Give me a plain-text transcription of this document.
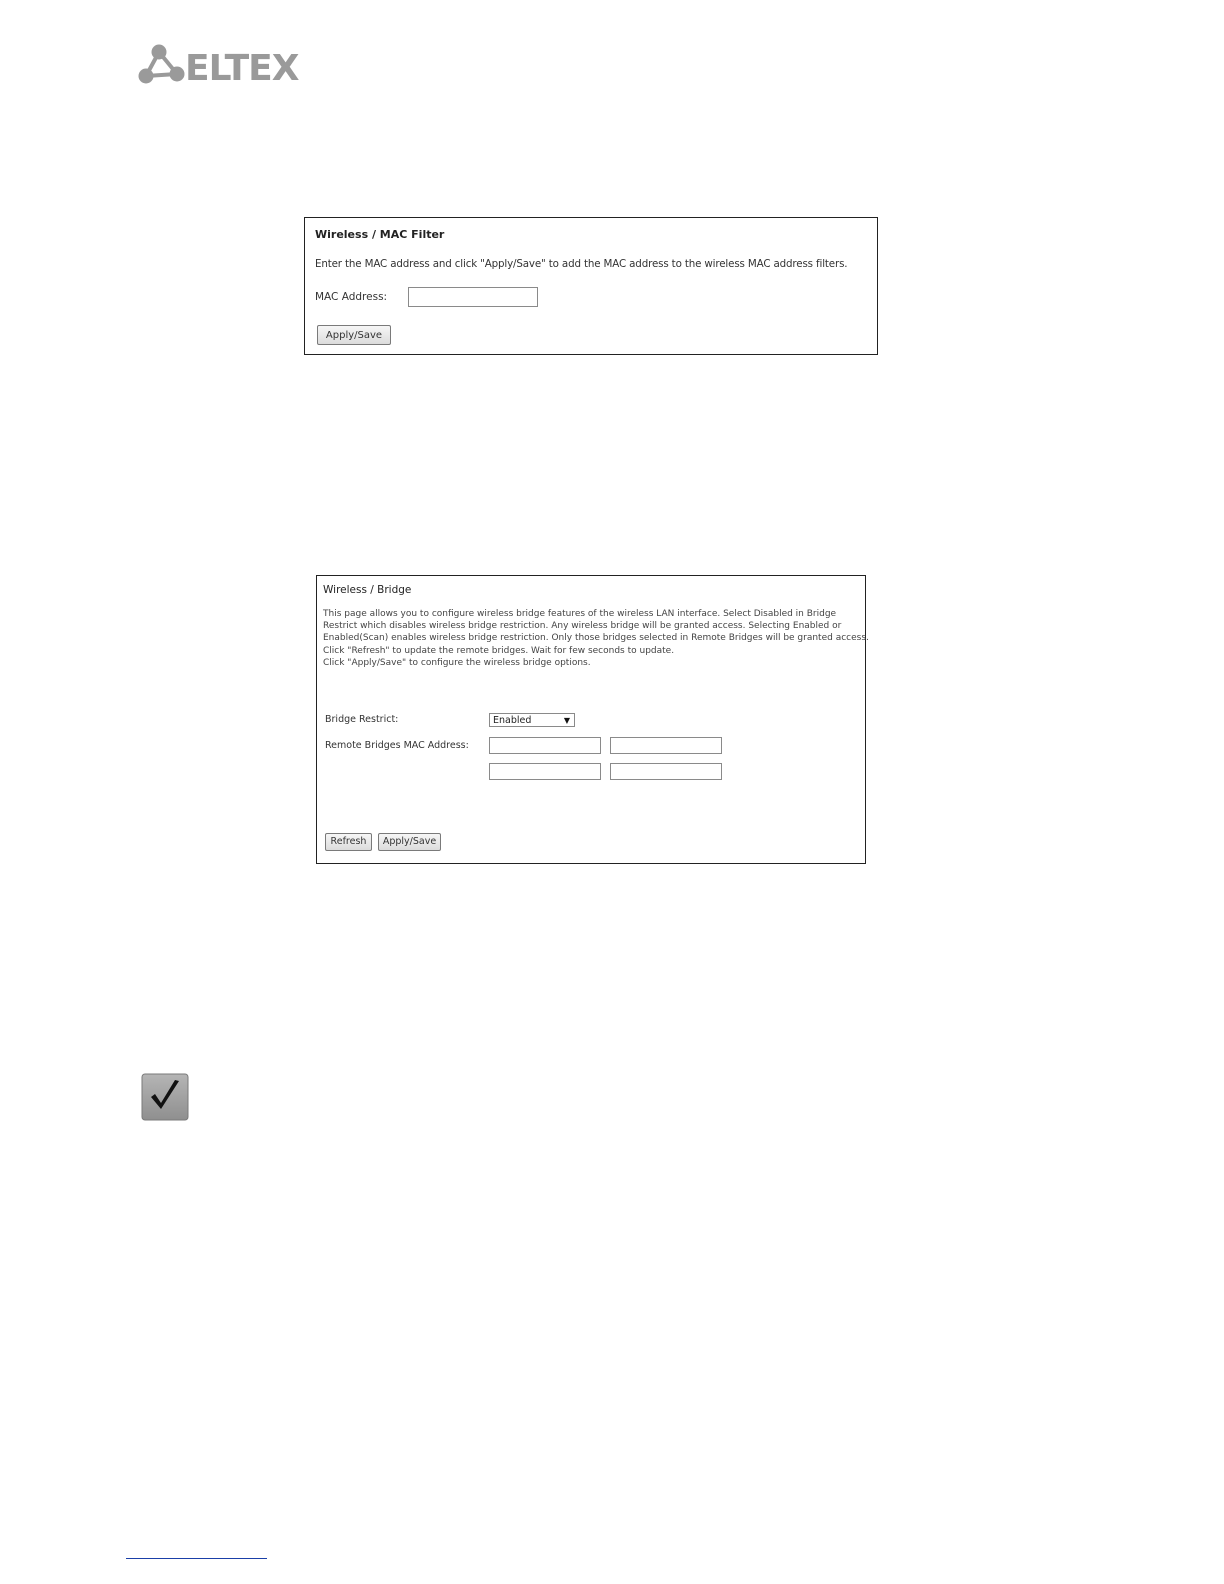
ELTEX
Wireless / MAC Filter
Enter the MAC address and click "Apply/Save" to add the MAC address to the wireless MAC address filters.
MAC Address:
Apply/Save
Wireless / Bridge
This page allows you to configure wireless bridge features of the wireless LAN interface. Select Disabled in Bridge
Restrict which disables wireless bridge restriction. Any wireless bridge will be granted access. Selecting Enabled or
Enabled(Scan) enables wireless bridge restriction. Only those bridges selected in Remote Bridges will be granted access.
Click "Refresh" to update the remote bridges. Wait for few seconds to update.
Click "Apply/Save" to configure the wireless bridge options.
Bridge Restrict:	Enabled	▼
Remote Bridges MAC Address:
Refresh	Apply/Save
